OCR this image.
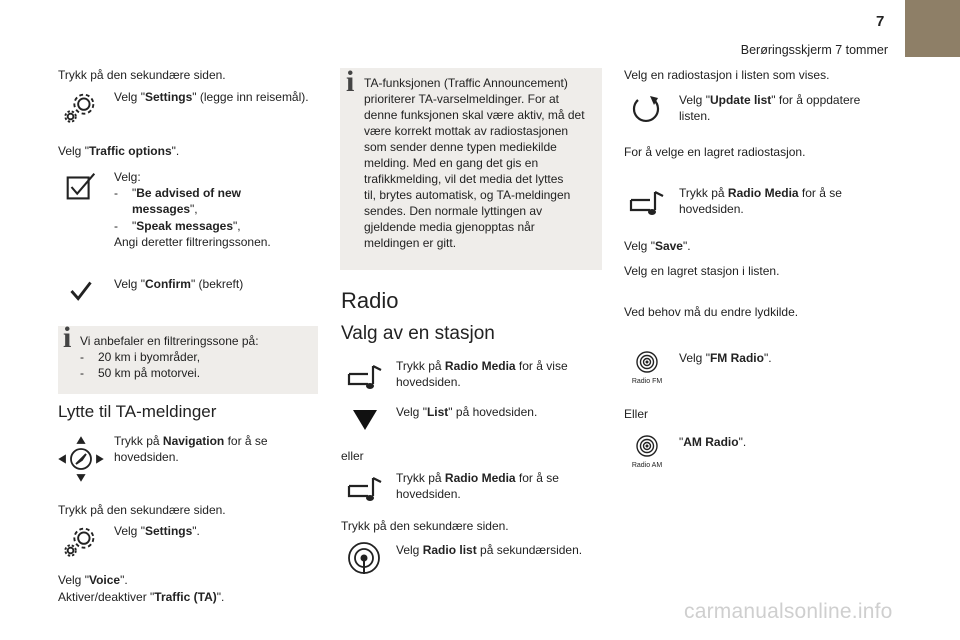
7
Berøringsskjerm 7 tommer
Trykk på den sekundære siden.
Velg "Settings" (legge inn reisemål).
Velg "Traffic options".
Velg:
- "Be advised of new
messages",
- "Speak messages",
Angi deretter filtreringssonen.
Velg "Confirm" (bekreft)
i Vi anbefaler en filtreringssone på:
- 20 km i byområder,
- 50 km på motorvei.
Lytte til TA-meldinger
Trykk på Navigation for å se
hovedsiden.
Trykk på den sekundære siden.
Velg "Settings".
Velg "Voice".
Aktiver/deaktiver "Traffic (TA)".
i TA-funksjonen (Traffic Announcement)
prioriterer TA-varselmeldinger. For at
denne funksjonen skal være aktiv, må det
være korrekt mottak av radiostasjonen
som sender denne typen mediekilde
melding. Med en gang det gis en
trafikkmelding, vil det media det lyttes
til, brytes automatisk, og TA-meldingen
sendes. Den normale lyttingen av
gjeldende media gjenopptas når
meldingen er gitt.
Radio
Valg av en stasjon
Trykk på Radio Media for å vise
hovedsiden.
Velg "List" på hovedsiden.
eller
Trykk på Radio Media for å se
hovedsiden.
Trykk på den sekundære siden.
Velg Radio list på sekundærsiden.
Velg en radiostasjon i listen som vises.
Velg "Update list" for å oppdatere
listen.
For å velge en lagret radiostasjon.
Trykk på Radio Media for å se
hovedsiden.
Velg "Save".
Velg en lagret stasjon i listen.
Ved behov må du endre lydkilde.
Radio FM
Velg "FM Radio".
Eller
Radio AM
"AM Radio".
carmanualsonline.info
